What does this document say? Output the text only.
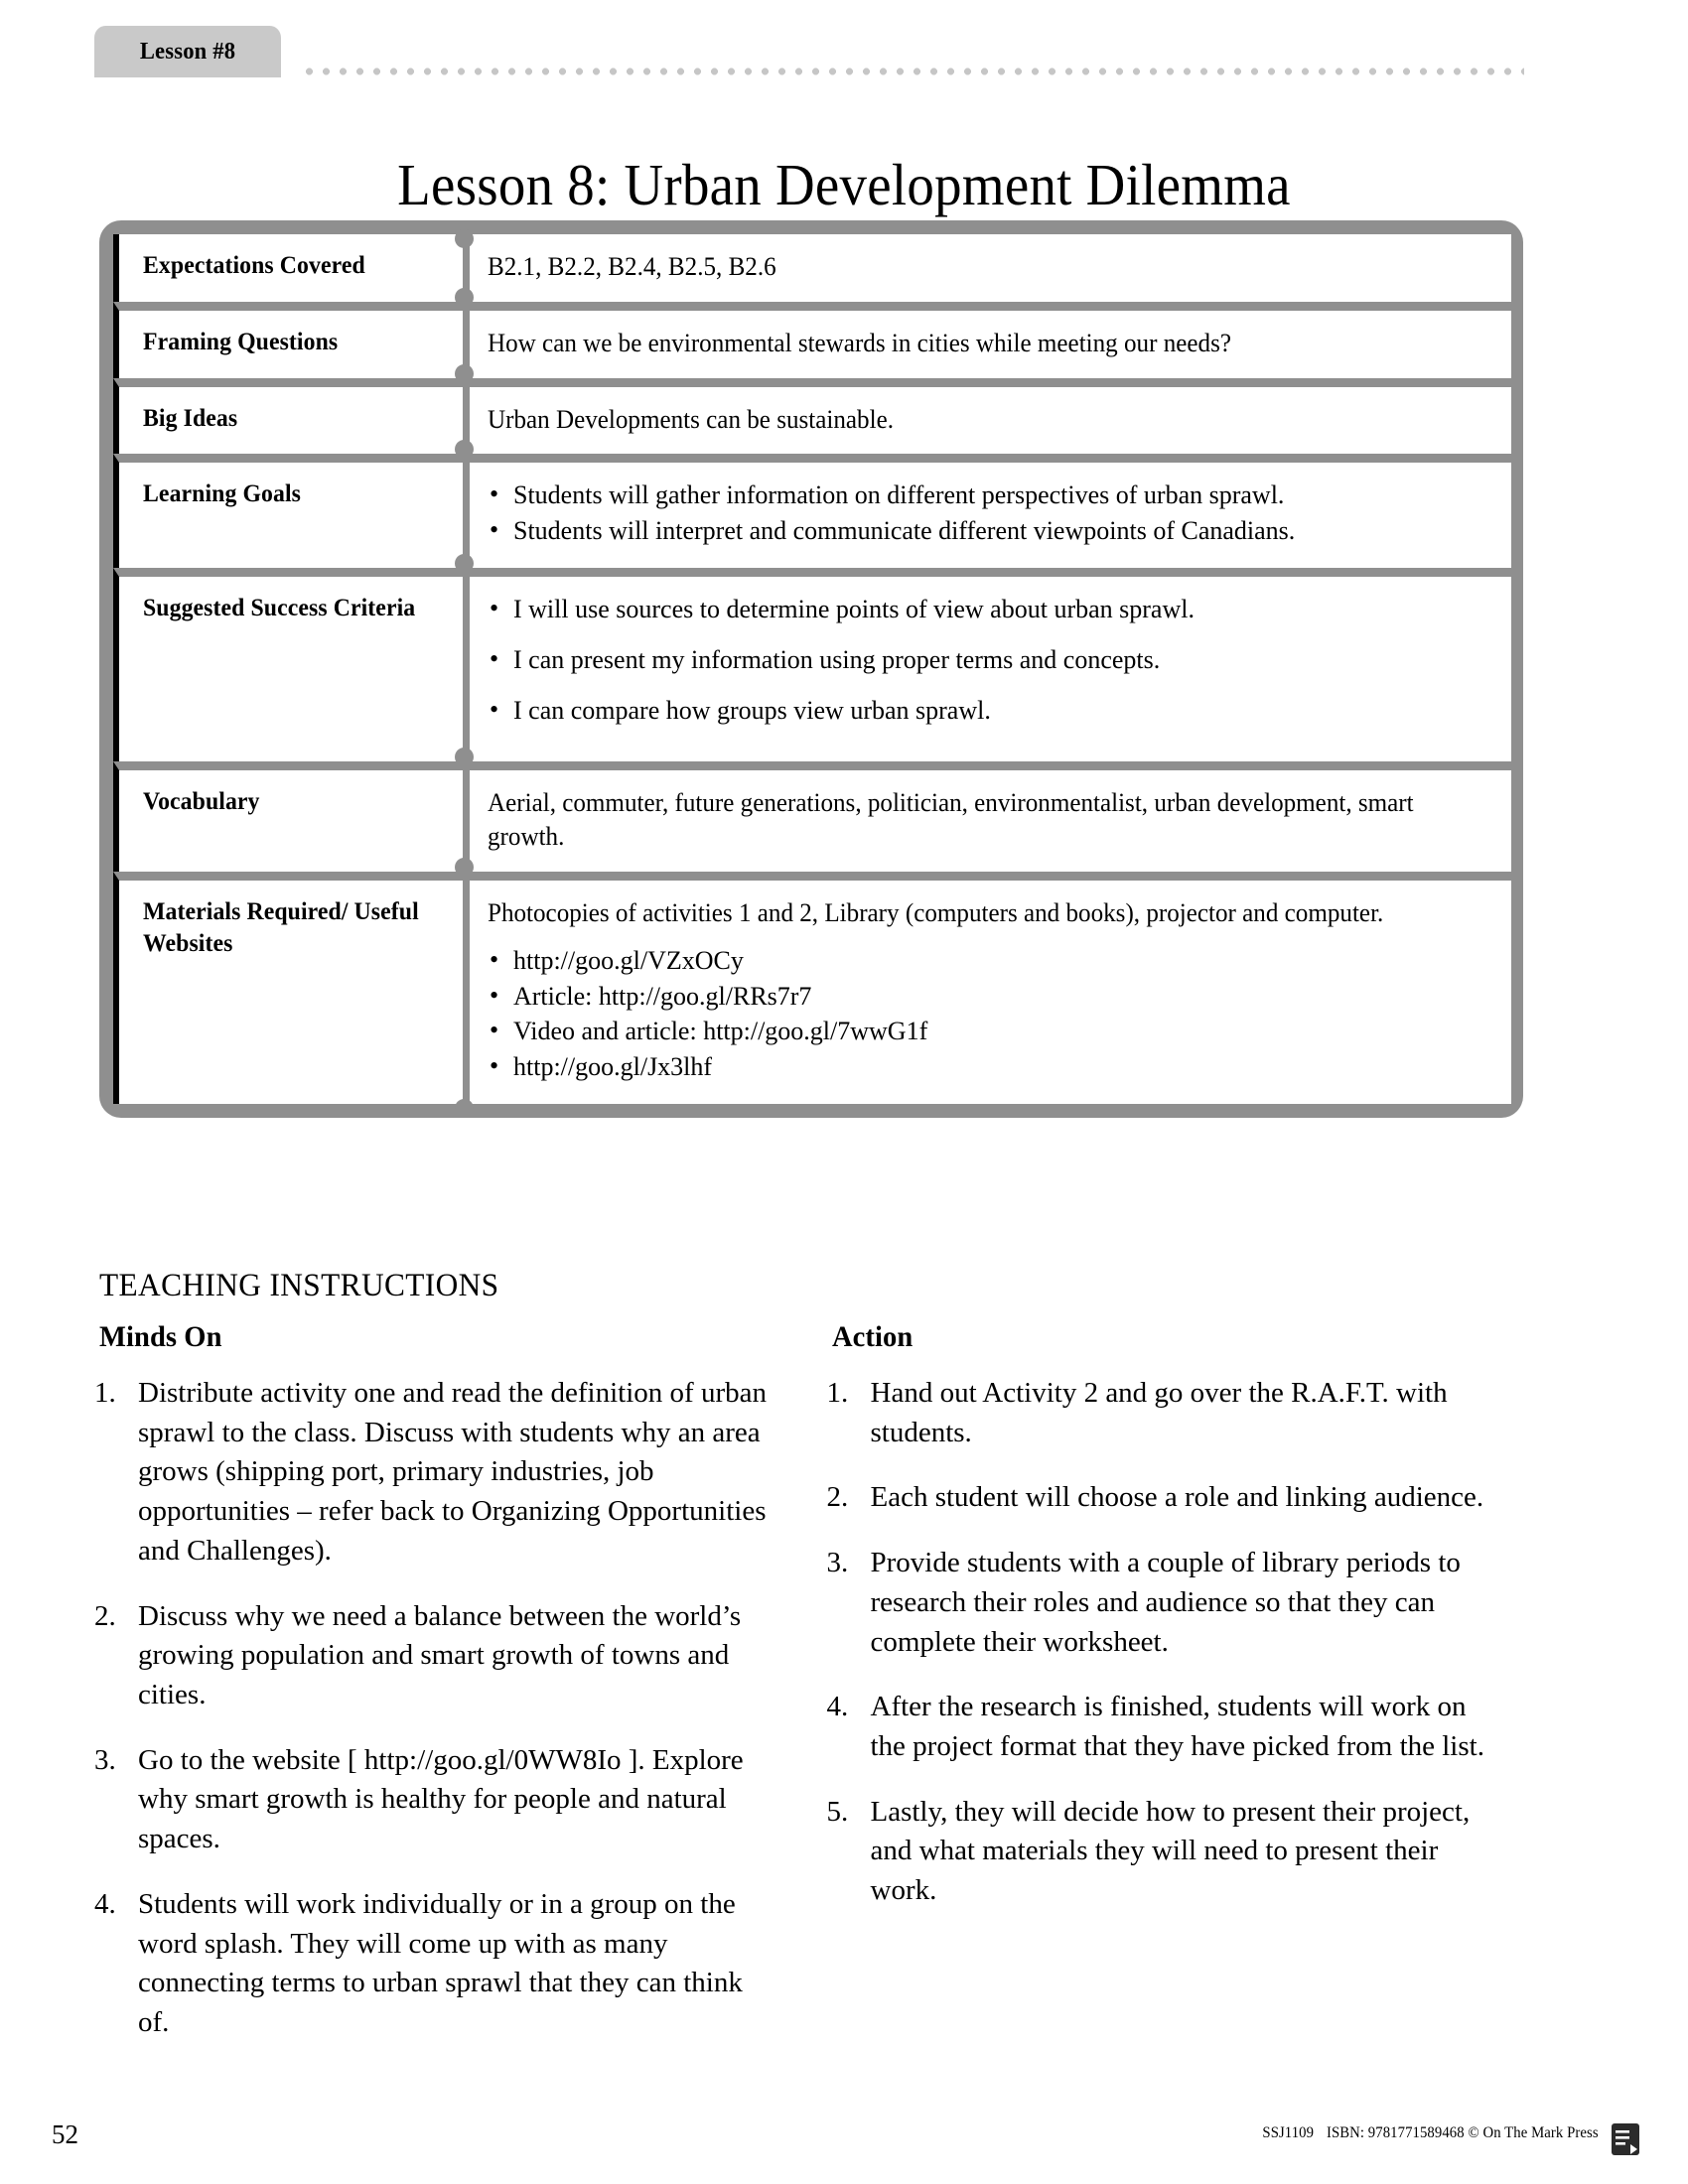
Lesson #8
Lesson 8: Urban Development Dilemma
Expectations Covered	B2.1, B2.2, B2.4, B2.5, B2.6

Framing Questions	How can we be environmental stewards in cities while meeting our needs?

Big Ideas	Urban Developments can be sustainable.

Learning Goals	
•Students will gather information on different perspectives of urban sprawl.
• Students will interpret and communicate different viewpoints of Canadians.

Suggested Success Criteria	
•I will use sources to determine points of view about urban sprawl.
• I can present my information using proper terms and concepts.
• I can compare how groups view urban sprawl.

Vocabulary	Aerial, commuter, future generations, politician, environmentalist, urban development, smart growth.

Materials Required/ Useful Websites	
Photocopies of activities 1 and 2, Library (computers and books), projector and computer.
• http://goo.gl/VZxOCy
• Article: http://goo.gl/RRs7r7
• Video and article: http://goo.gl/7wwG1f
• http://goo.gl/Jx3lhf
TEACHING INSTRUCTIONS
Minds On
1. Distribute activity one and read the definition of urban sprawl to the class. Discuss with students why an area grows (shipping port, primary industries, job opportunities – refer back to Organizing Opportunities and Challenges).
2. Discuss why we need a balance between the world’s growing population and smart growth of towns and cities.
3. Go to the website [ http://goo.gl/0WW8Io ]. Explore why smart growth is healthy for people and natural spaces.
4. Students will work individually or in a group on the word splash. They will come up with as many connecting terms to urban sprawl that they can think of.
Action
1. Hand out Activity 2 and go over the R.A.F.T. with students.
2. Each student will choose a role and linking audience.
3. Provide students with a couple of library periods to research their roles and audience so that they can complete their worksheet.
4. After the research is finished, students will work on the project format that they have picked from the list.
5. Lastly, they will decide how to present their project, and what materials they will need to present their work.
52	SSJ1109 ISBN: 9781771589468 © On The Mark Press
